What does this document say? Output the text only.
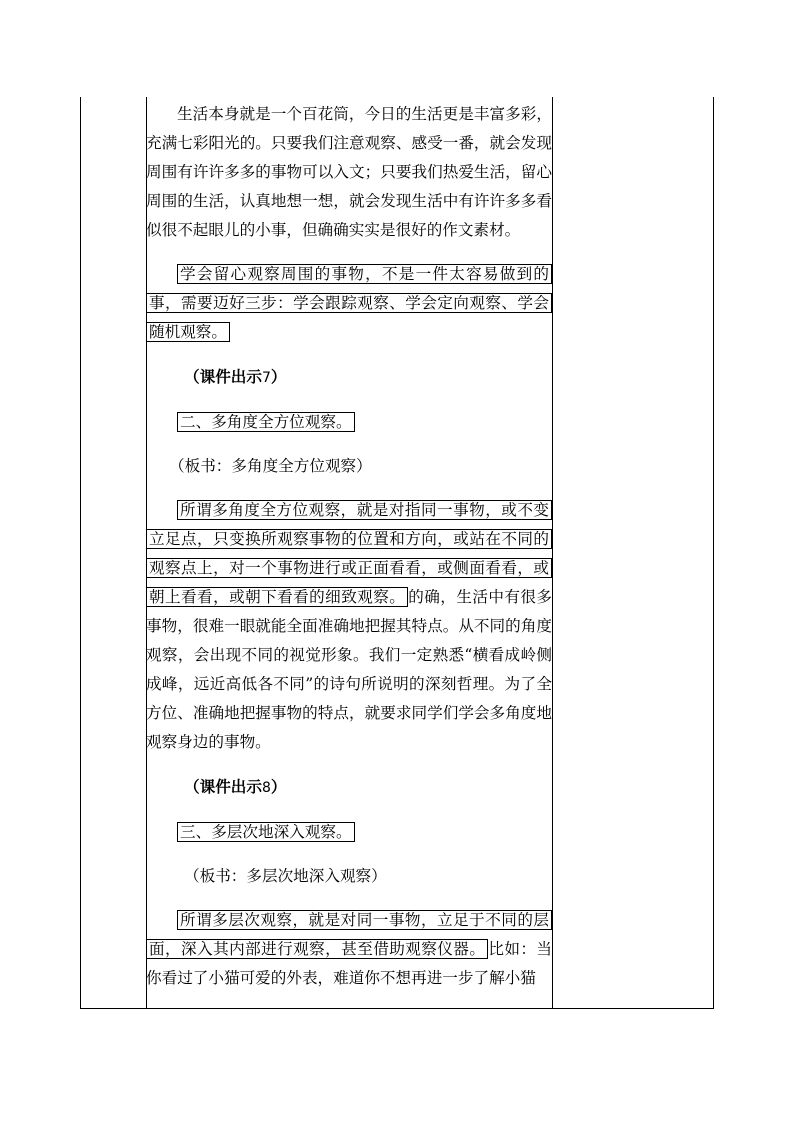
生活本身就是一个百花筒，今日的生活更是丰富多彩，充满七彩阳光的。只要我们注意观察、感受一番，就会发现周围有许许多多的事物可以入文；只要我们热爱生活，留心周围的生活，认真地想一想，就会发现生活中有许许多多看似很不起眼儿的小事，但确确实实是很好的作文素材。

学会留心观察周围的事物，不是一件太容易做到的事，需要迈好三步：学会跟踪观察、学会定向观察、学会随机观察。

（课件出示7）

二、多角度全方位观察。

（板书：多角度全方位观察）

所谓多角度全方位观察，就是对指同一事物，或不变立足点，只变换所观察事物的位置和方向，或站在不同的观察点上，对一个事物进行或正面看看，或侧面看看，或朝上看看，或朝下看看的细致观察。 的确，生活中有很多事物，很难一眼就能全面准确地把握其特点。从不同的角度观察，会出现不同的视觉形象。我们一定熟悉“横看成岭侧成峰，远近高低各不同”的诗句所说明的深刻哲理。为了全方位、准确地把握事物的特点，就要求同学们学会多角度地观察身边的事物。

（课件出示8）

三、多层次地深入观察。

（板书：多层次地深入观察）

所谓多层次观察，就是对同一事物，立足于不同的层面，深入其内部进行观察，甚至借助观察仪器。 比如：当你看过了小猫可爱的外表，难道你不想再进一步了解小猫
